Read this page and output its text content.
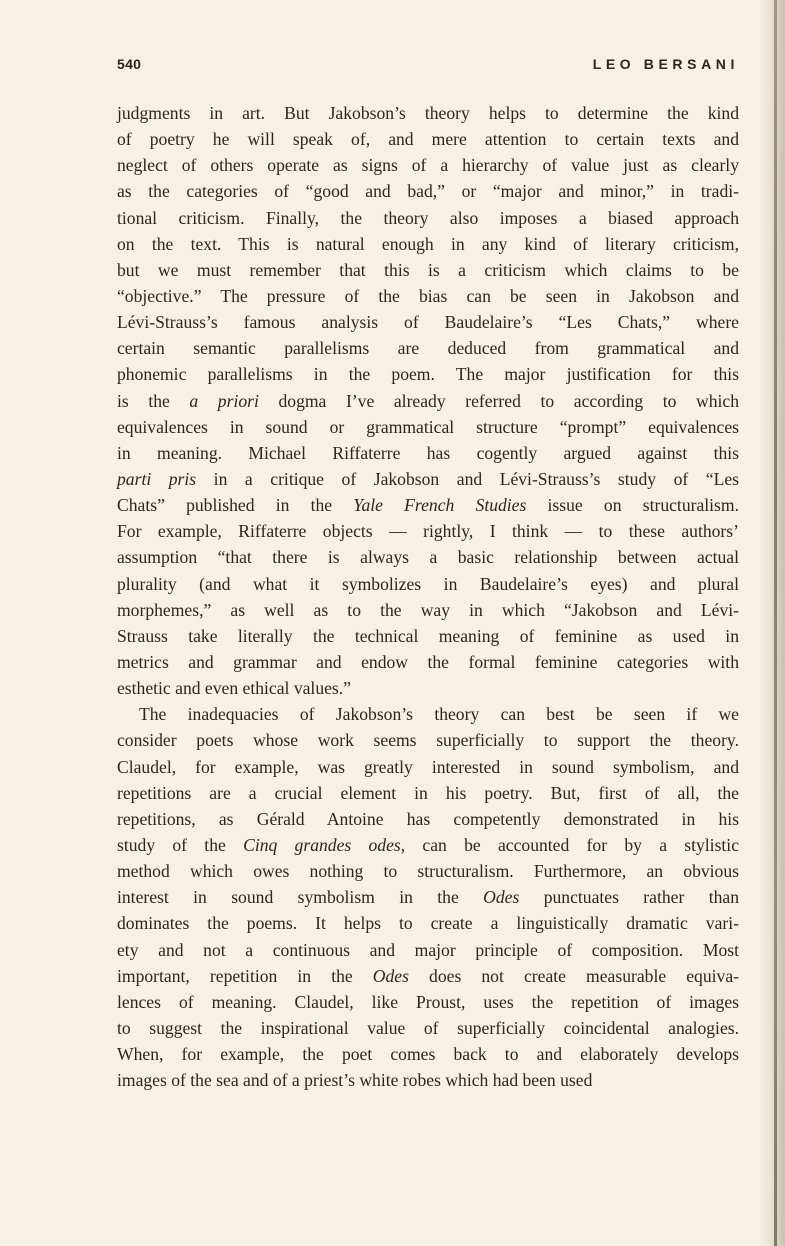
540	LEO BERSANI
judgments in art. But Jakobson’s theory helps to determine the kind
of poetry he will speak of, and mere attention to certain texts and
neglect of others operate as signs of a hierarchy of value just as clearly
as the categories of “good and bad,” or “major and minor,” in tradi-
tional criticism. Finally, the theory also imposes a biased approach
on the text. This is natural enough in any kind of literary criticism,
but we must remember that this is a criticism which claims to be
“objective.” The pressure of the bias can be seen in Jakobson and
Lévi-Strauss’s famous analysis of Baudelaire’s “Les Chats,” where
certain semantic parallelisms are deduced from grammatical and
phonemic parallelisms in the poem. The major justification for this
is the a priori dogma I’ve already referred to according to which
equivalences in sound or grammatical structure “prompt” equivalences
in meaning. Michael Riffaterre has cogently argued against this
parti pris in a critique of Jakobson and Lévi-Strauss’s study of “Les
Chats” published in the Yale French Studies issue on structuralism.
For example, Riffaterre objects — rightly, I think — to these authors’
assumption “that there is always a basic relationship between actual
plurality (and what it symbolizes in Baudelaire’s eyes) and plural
morphemes,” as well as to the way in which “Jakobson and Lévi-
Strauss take literally the technical meaning of feminine as used in
metrics and grammar and endow the formal feminine categories with
esthetic and even ethical values.”
The inadequacies of Jakobson’s theory can best be seen if we
consider poets whose work seems superficially to support the theory.
Claudel, for example, was greatly interested in sound symbolism, and
repetitions are a crucial element in his poetry. But, first of all, the
repetitions, as Gérald Antoine has competently demonstrated in his
study of the Cinq grandes odes, can be accounted for by a stylistic
method which owes nothing to structuralism. Furthermore, an obvious
interest in sound symbolism in the Odes punctuates rather than
dominates the poems. It helps to create a linguistically dramatic vari-
ety and not a continuous and major principle of composition. Most
important, repetition in the Odes does not create measurable equiva-
lences of meaning. Claudel, like Proust, uses the repetition of images
to suggest the inspirational value of superficially coincidental analogies.
When, for example, the poet comes back to and elaborately develops
images of the sea and of a priest’s white robes which had been used
